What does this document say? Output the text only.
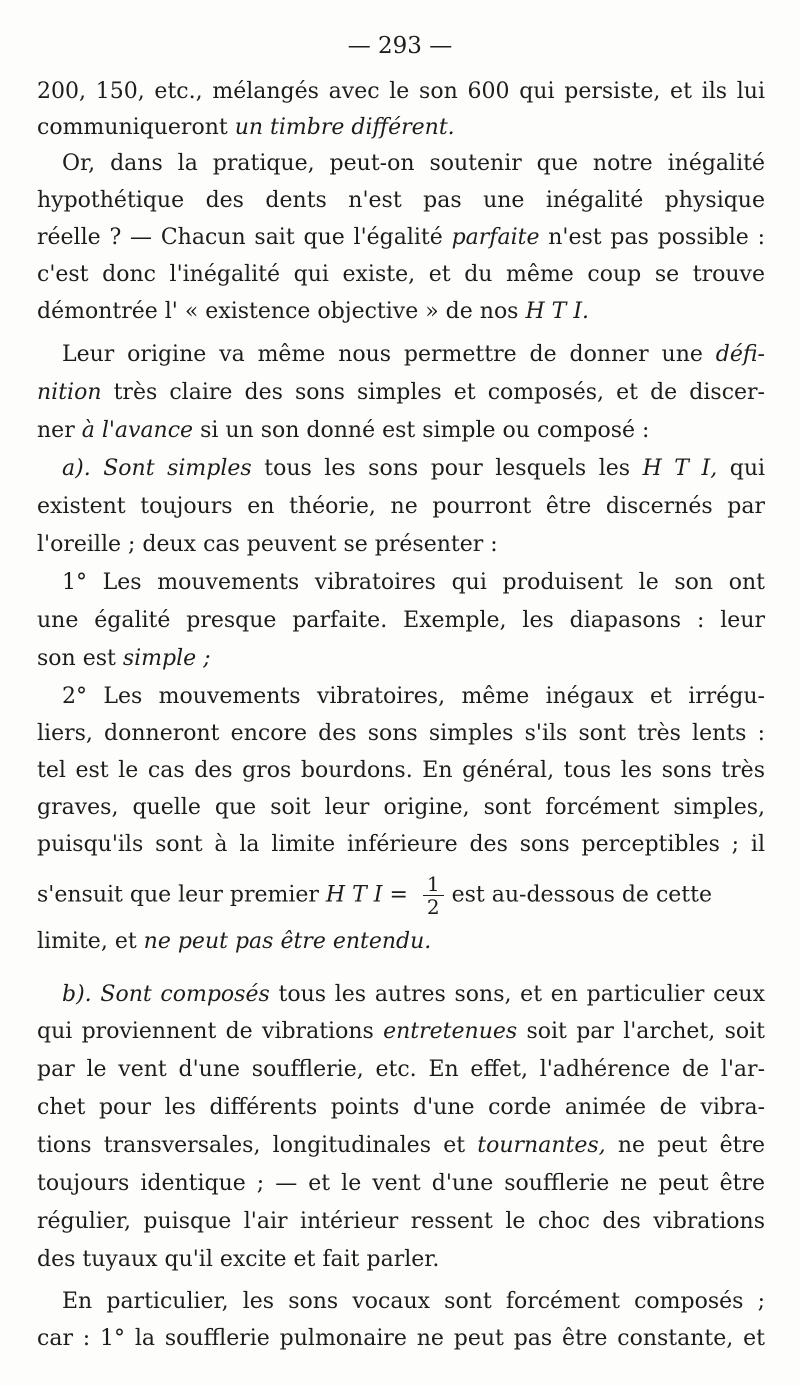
— 293 —
200, 150, etc., mélangés avec le son 600 qui persiste, et ils lui
communiqueront un timbre différent.
Or, dans la pratique, peut-on soutenir que notre inégalité
hypothétique des dents n'est pas une inégalité physique
réelle ? — Chacun sait que l'égalité parfaite n'est pas possible :
c'est donc l'inégalité qui existe, et du même coup se trouve
démontrée l' « existence objective » de nos H T I.
Leur origine va même nous permettre de donner une défi-
nition très claire des sons simples et composés, et de discer-
ner à l'avance si un son donné est simple ou composé :
a). Sont simples tous les sons pour lesquels les H T I, qui
existent toujours en théorie, ne pourront être discernés par
l'oreille ; deux cas peuvent se présenter :
1° Les mouvements vibratoires qui produisent le son ont
une égalité presque parfaite. Exemple, les diapasons : leur
son est simple ;
2° Les mouvements vibratoires, même inégaux et irrégu-
liers, donneront encore des sons simples s'ils sont très lents :
tel est le cas des gros bourdons. En général, tous les sons très
graves, quelle que soit leur origine, sont forcément simples,
puisqu'ils sont à la limite inférieure des sons perceptibles ; il
s'ensuit que leur premier H T $I = \frac{1}{2}$ est au-dessous de cette
limite, et ne peut pas être entendu.
b). Sont composés tous les autres sons, et en particulier ceux
qui proviennent de vibrations entretenues soit par l'archet, soit
par le vent d'une soufflerie, etc. En effet, l'adhérence de l'ar-
chet pour les différents points d'une corde animée de vibra-
tions transversales, longitudinales et tournantes, ne peut être
toujours identique ; — et le vent d'une soufflerie ne peut être
régulier, puisque l'air intérieur ressent le choc des vibrations
des tuyaux qu'il excite et fait parler.
En particulier, les sons vocaux sont forcément composés ;
car : 1° la soufflerie pulmonaire ne peut pas être constante, et
